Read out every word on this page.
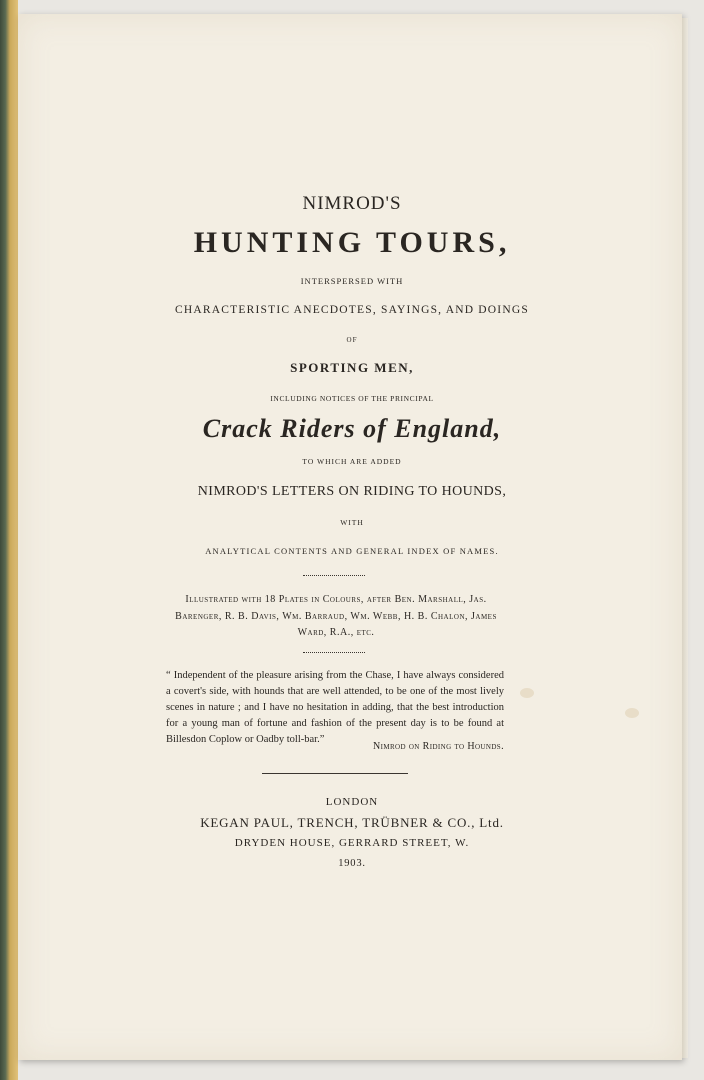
NIMROD'S
HUNTING TOURS,
INTERSPERSED WITH
CHARACTERISTIC ANECDOTES, SAYINGS, AND DOINGS
OF
SPORTING MEN,
INCLUDING NOTICES OF THE PRINCIPAL
Crack Riders of England,
TO WHICH ARE ADDED
NIMROD'S LETTERS ON RIDING TO HOUNDS,
WITH
ANALYTICAL CONTENTS AND GENERAL INDEX OF NAMES.
Illustrated with 18 Plates in Colours, after Ben. Marshall, Jas. Barenger, R. B. Davis, Wm. Barraud, Wm. Webb, H. B. Chalon, James Ward, R.A., etc.
“ Independent of the pleasure arising from the Chase, I have always considered a covert's side, with hounds that are well attended, to be one of the most lively scenes in nature ; and I have no hesitation in adding, that the best introduction for a young man of fortune and fashion of the present day is to be found at Billesdon Coplow or Oadby toll-bar.”
Nimrod on Riding to Hounds.
LONDON
KEGAN PAUL, TRENCH, TRÜBNER & CO., Ltd.
DRYDEN HOUSE, GERRARD STREET, W.
1903.
